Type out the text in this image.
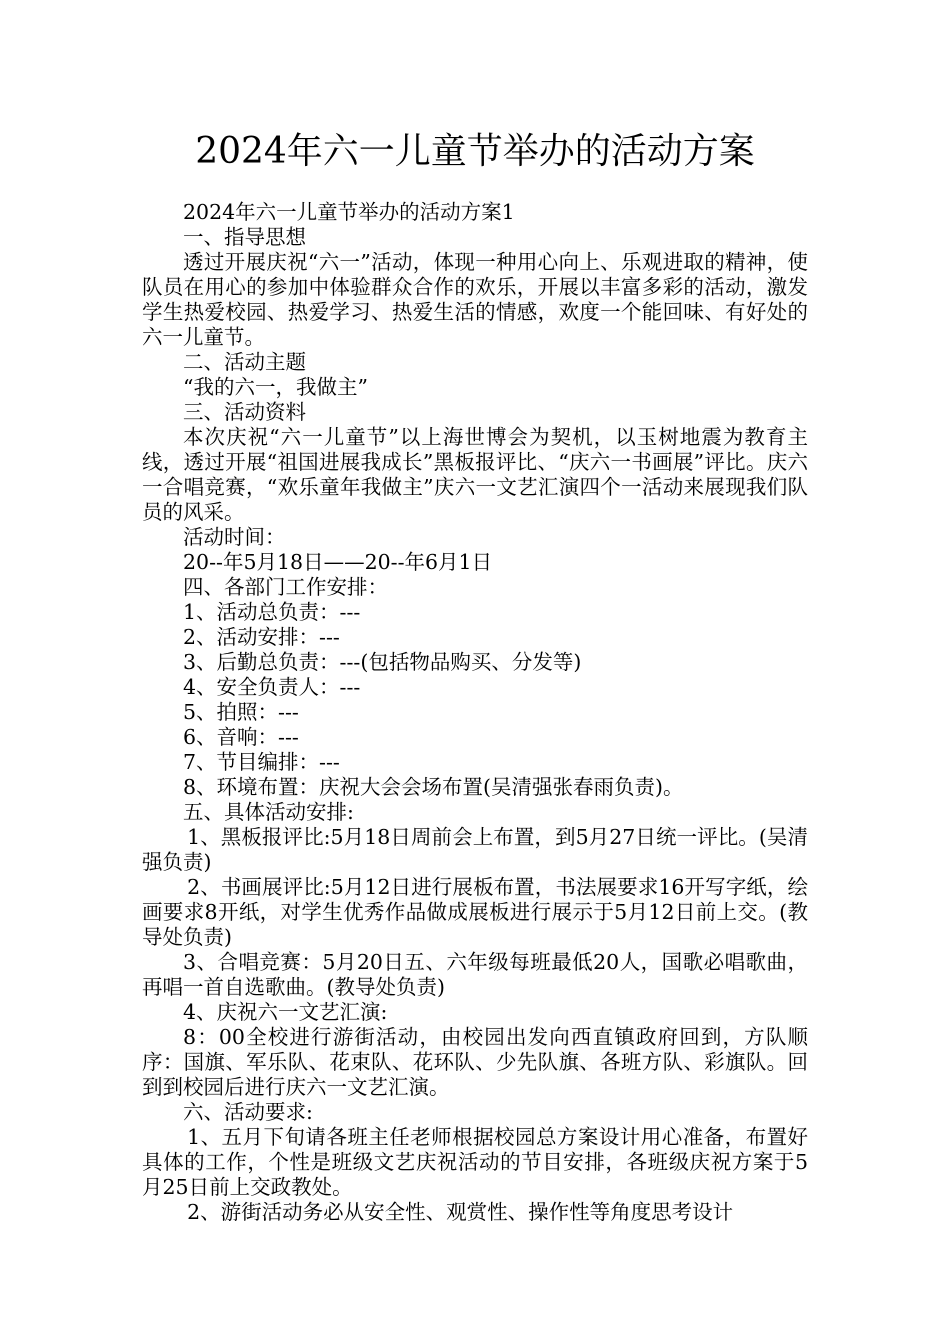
2024年六一儿童节举办的活动方案

2024年六一儿童节举办的活动方案1

一、指导思想

透过开展庆祝“六一”活动，体现一种用心向上、乐观进取的精神，使队员在用心的参加中体验群众合作的欢乐，开展以丰富多彩的活动，激发学生热爱校园、热爱学习、热爱生活的情感，欢度一个能回味、有好处的六一儿童节。

二、活动主题

“我的六一，我做主”

三、活动资料

本次庆祝“六一儿童节”以上海世博会为契机，以玉树地震为教育主线，透过开展“祖国进展我成长”黑板报评比、“庆六一书画展”评比。庆六一合唱竞赛，“欢乐童年我做主”庆六一文艺汇演四个一活动来展现我们队员的风采。

活动时间：

20--年5月18日——20--年6月1日

四、各部门工作安排：

1、活动总负责：---

2、活动安排：---

3、后勤总负责：---(包括物品购买、分发等)

4、安全负责人：---

5、拍照：---

6、音响：---

7、节目编排：---

8、环境布置：庆祝大会会场布置(吴清强张春雨负责)。

五、具体活动安排:

1、黑板报评比:5月18日周前会上布置，到5月27日统一评比。(吴清强负责)

2、书画展评比:5月12日进行展板布置，书法展要求16开写字纸，绘画要求8开纸，对学生优秀作品做成展板进行展示于5月12日前上交。(教导处负责)

3、合唱竞赛：5月20日五、六年级每班最低20人，国歌必唱歌曲，再唱一首自选歌曲。(教导处负责)

4、庆祝六一文艺汇演:

8：00全校进行游街活动，由校园出发向西直镇政府回到，方队顺序：国旗、军乐队、花束队、花环队、少先队旗、各班方队、彩旗队。回到到校园后进行庆六一文艺汇演。

六、活动要求:

1、五月下旬请各班主任老师根据校园总方案设计用心准备，布置好具体的工作，个性是班级文艺庆祝活动的节目安排，各班级庆祝方案于5月25日前上交政教处。

2、游街活动务必从安全性、观赏性、操作性等角度思考设计
